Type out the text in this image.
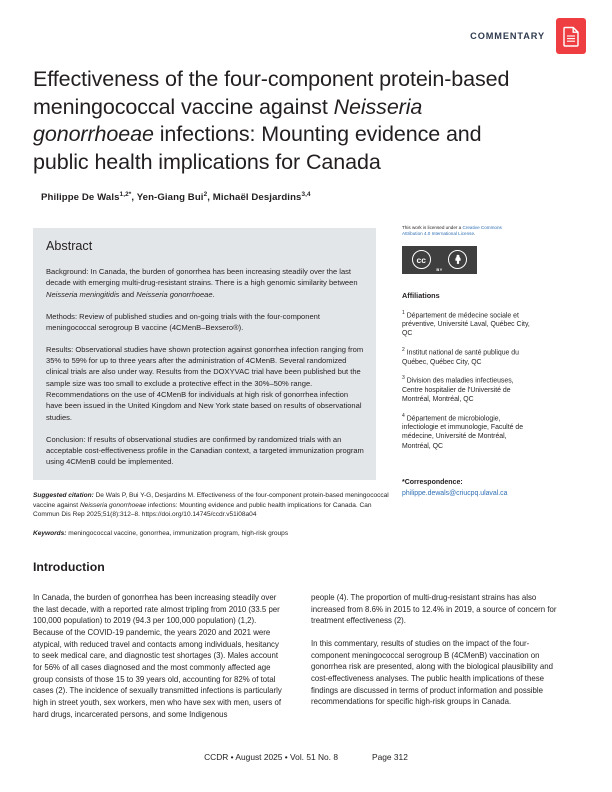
COMMENTARY
Effectiveness of the four-component protein-based meningococcal vaccine against Neisseria gonorrhoeae infections: Mounting evidence and public health implications for Canada
Philippe De Wals$^{1,2*}$, Yen-Giang Bui$^2$, Michaël Desjardins$^{3,4}$
Abstract

Background: In Canada, the burden of gonorrhea has been increasing steadily over the last decade with emerging multi-drug-resistant strains. There is a high genomic similarity between Neisseria meningitidis and Neisseria gonorrhoeae.

Methods: Review of published studies and on-going trials with the four-component meningococcal serogroup B vaccine (4CMenB–Bexsero®).

Results: Observational studies have shown protection against gonorrhea infection ranging from 35% to 59% for up to three years after the administration of 4CMenB. Several randomized clinical trials are also under way. Results from the DOXYVAC trial have been published but the sample size was too small to exclude a protective effect in the 30%–50% range. Recommendations on the use of 4CMenB for individuals at high risk of gonorrhea infection have been issued in the United Kingdom and New York state based on results of observational studies.

Conclusion: If results of observational studies are confirmed by randomized trials with an acceptable cost-effectiveness profile in the Canadian context, a targeted immunization program using 4CMenB could be implemented.

Suggested citation: De Wals P, Bui Y-G, Desjardins M. Effectiveness of the four-component protein-based meningococcal vaccine against Neisseria gonorrhoeae infections: Mounting evidence and public health implications for Canada. Can Commun Dis Rep 2025;51(8):312–8. https://doi.org/10.14745/ccdr.v51i08a04
Keywords: meningococcal vaccine, gonorrhea, immunization program, high-risk groups
This work is licensed under a Creative Commons Attribution 4.0 International License.
cc
BY
Affiliations
$^1$ Département de médecine sociale et préventive, Université Laval, Québec City, QC
$^2$ Institut national de santé publique du Québec, Québec City, QC
$^3$ Division des maladies infectieuses, Centre hospitalier de l'Université de Montréal, Montréal, QC
$^4$ Département de microbiologie, infectiologie et immunologie, Faculté de médecine, Université de Montréal, Montréal, QC
*Correspondence:
philippe.dewals@criucpq.ulaval.ca
Introduction

In Canada, the burden of gonorrhea has been increasing steadily over the last decade, with a reported rate almost tripling from 2010 (33.5 per 100,000 population) to 2019 (94.3 per 100,000 population) (1,2). Because of the COVID-19 pandemic, the years 2020 and 2021 were atypical, with reduced travel and contacts among individuals, hesitancy to seek medical care, and diagnostic test shortages (3). Males account for 56% of all cases diagnosed and the most commonly affected age group consists of those 15 to 39 years old, accounting for 82% of total cases (2). The incidence of sexually transmitted infections is particularly high in street youth, sex workers, men who have sex with men, users of hard drugs, incarcerated persons, and some Indigenous

people (4). The proportion of multi-drug-resistant strains has also increased from 8.6% in 2015 to 12.4% in 2019, a source of concern for treatment effectiveness (2).

In this commentary, results of studies on the impact of the four-component meningococcal serogroup B (4CMenB) vaccination on gonorrhea risk are presented, along with the biological plausibility and cost-effectiveness analyses. The public health implications of these findings are discussed in terms of product information and possible recommendations for specific high-risk groups in Canada.

CCDR • August 2025 • Vol. 51 No. 8	Page 312
